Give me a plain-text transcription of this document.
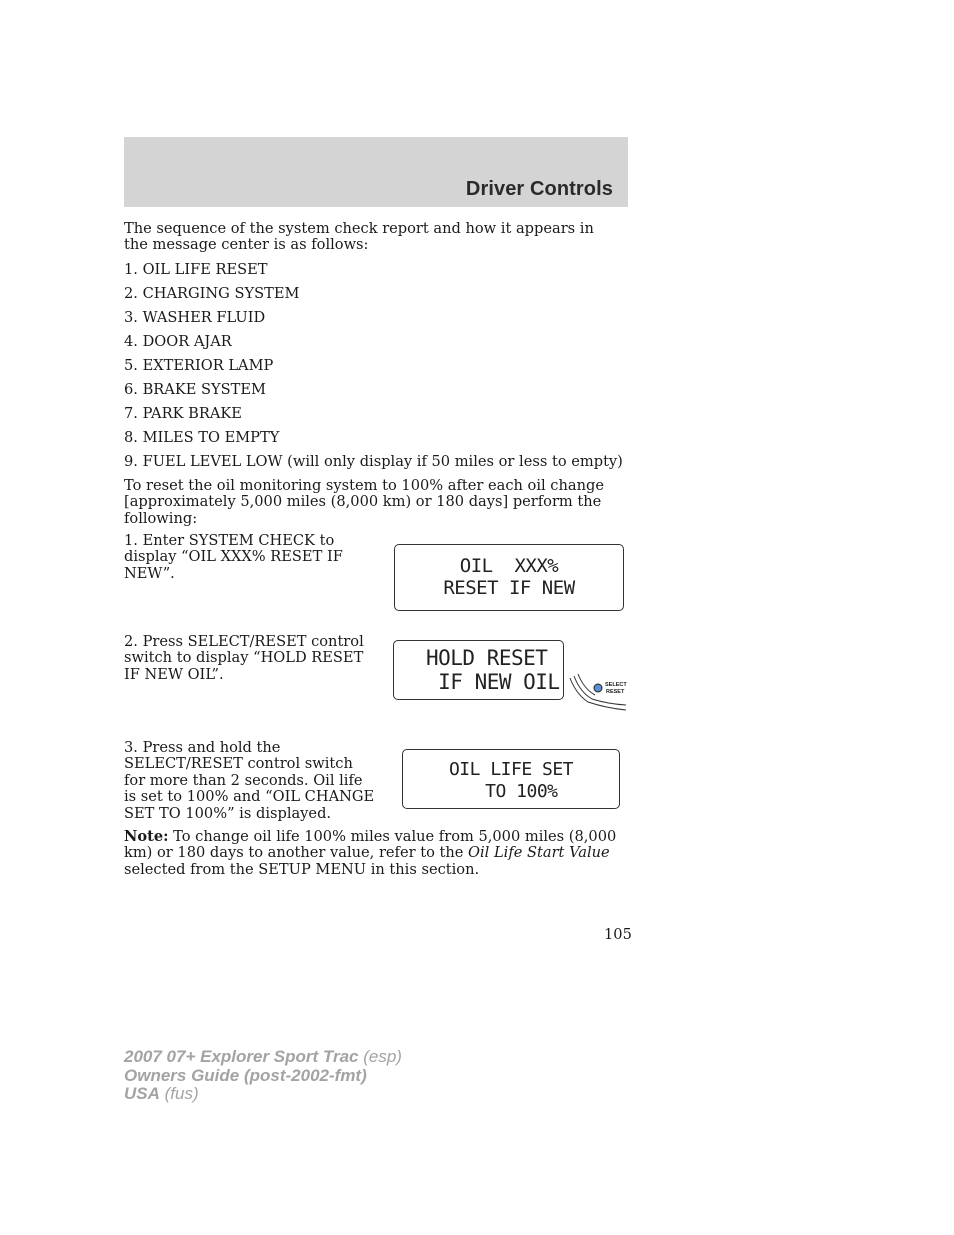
Driver Controls

The sequence of the system check report and how it appears in the message center is as follows:

1. OIL LIFE RESET
2. CHARGING SYSTEM
3. WASHER FLUID
4. DOOR AJAR
5. EXTERIOR LAMP
6. BRAKE SYSTEM
7. PARK BRAKE
8. MILES TO EMPTY
9. FUEL LEVEL LOW (will only display if 50 miles or less to empty)

To reset the oil monitoring system to 100% after each oil change [approximately 5,000 miles (8,000 km) or 180 days] perform the following:

1. Enter SYSTEM CHECK to display “OIL XXX% RESET IF NEW”.	OIL  XXX%
RESET IF NEW

2. Press SELECT/RESET control switch to display “HOLD RESET IF NEW OIL”.

HOLD RESET
IF NEW OIL	SELECT
RESET

3. Press and hold the SELECT/RESET control switch for more than 2 seconds. Oil life is set to 100% and “OIL CHANGE SET TO 100%” is displayed.

OIL LIFE SET
TO 100%

Note: To change oil life 100% miles value from 5,000 miles (8,000 km) or 180 days to another value, refer to the Oil Life Start Value selected from the SETUP MENU in this section.

105
2007 07+ Explorer Sport Trac (esp)
Owners Guide (post-2002-fmt)
USA (fus)
